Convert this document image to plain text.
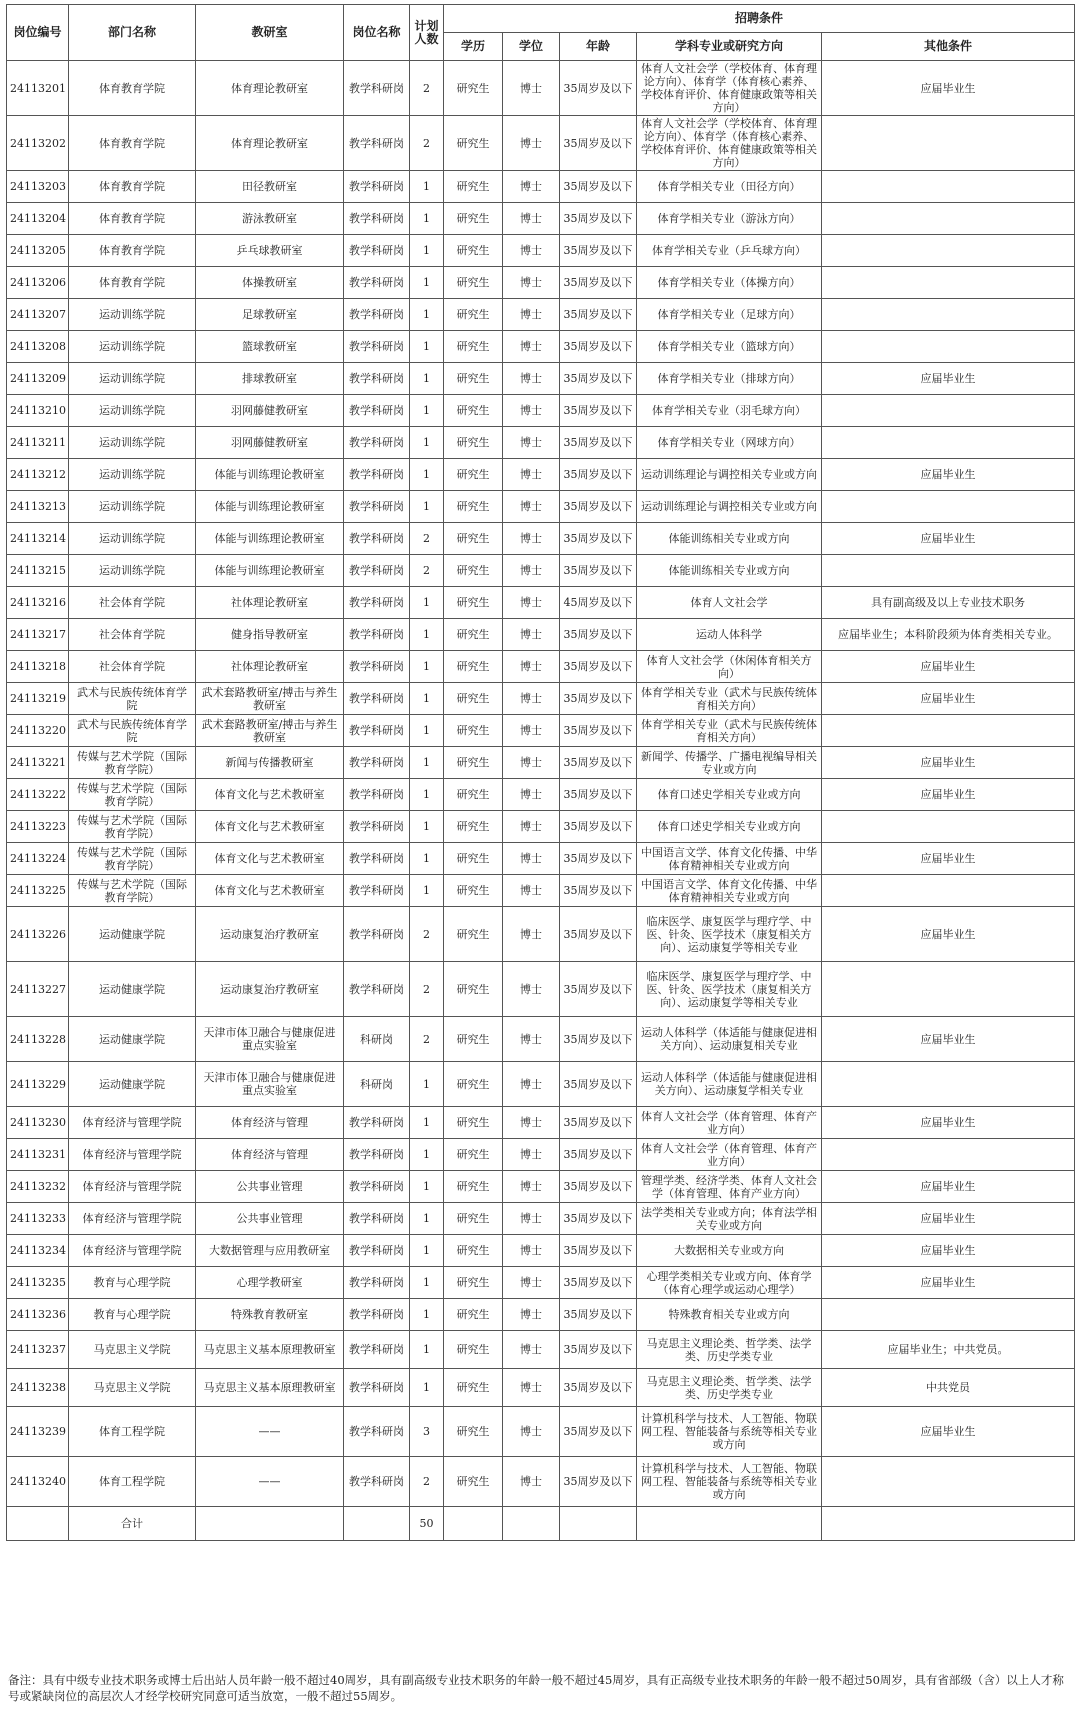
岗位编号	部门名称	教研室	岗位名称	计划人数	招聘条件				
					学历	学位	年龄	学科专业或研究方向	其他条件
24113201	体育教育学院	体育理论教研室	教学科研岗	2	研究生	博士	35周岁及以下	体育人文社会学（学校体育、体育理论方向）、体育学（体育核心素养、学校体育评价、体育健康政策等相关方向）	应届毕业生
24113202	体育教育学院	体育理论教研室	教学科研岗	2	研究生	博士	35周岁及以下	体育人文社会学（学校体育、体育理论方向）、体育学（体育核心素养、学校体育评价、体育健康政策等相关方向）	
24113203	体育教育学院	田径教研室	教学科研岗	1	研究生	博士	35周岁及以下	体育学相关专业（田径方向）	
24113204	体育教育学院	游泳教研室	教学科研岗	1	研究生	博士	35周岁及以下	体育学相关专业（游泳方向）	
24113205	体育教育学院	乒乓球教研室	教学科研岗	1	研究生	博士	35周岁及以下	体育学相关专业（乒乓球方向）	
24113206	体育教育学院	体操教研室	教学科研岗	1	研究生	博士	35周岁及以下	体育学相关专业（体操方向）	
24113207	运动训练学院	足球教研室	教学科研岗	1	研究生	博士	35周岁及以下	体育学相关专业（足球方向）	
24113208	运动训练学院	篮球教研室	教学科研岗	1	研究生	博士	35周岁及以下	体育学相关专业（篮球方向）	
24113209	运动训练学院	排球教研室	教学科研岗	1	研究生	博士	35周岁及以下	体育学相关专业（排球方向）	应届毕业生
24113210	运动训练学院	羽网藤健教研室	教学科研岗	1	研究生	博士	35周岁及以下	体育学相关专业（羽毛球方向）	
24113211	运动训练学院	羽网藤健教研室	教学科研岗	1	研究生	博士	35周岁及以下	体育学相关专业（网球方向）	
24113212	运动训练学院	体能与训练理论教研室	教学科研岗	1	研究生	博士	35周岁及以下	运动训练理论与调控相关专业或方向	应届毕业生
24113213	运动训练学院	体能与训练理论教研室	教学科研岗	1	研究生	博士	35周岁及以下	运动训练理论与调控相关专业或方向	
24113214	运动训练学院	体能与训练理论教研室	教学科研岗	2	研究生	博士	35周岁及以下	体能训练相关专业或方向	应届毕业生
24113215	运动训练学院	体能与训练理论教研室	教学科研岗	2	研究生	博士	35周岁及以下	体能训练相关专业或方向	
24113216	社会体育学院	社体理论教研室	教学科研岗	1	研究生	博士	45周岁及以下	体育人文社会学	具有副高级及以上专业技术职务
24113217	社会体育学院	健身指导教研室	教学科研岗	1	研究生	博士	35周岁及以下	运动人体科学	应届毕业生；本科阶段须为体育类相关专业。
24113218	社会体育学院	社体理论教研室	教学科研岗	1	研究生	博士	35周岁及以下	体育人文社会学（休闲体育相关方向）	应届毕业生
24113219	武术与民族传统体育学院	武术套路教研室/搏击与养生教研室	教学科研岗	1	研究生	博士	35周岁及以下	体育学相关专业（武术与民族传统体育相关方向）	应届毕业生
24113220	武术与民族传统体育学院	武术套路教研室/搏击与养生教研室	教学科研岗	1	研究生	博士	35周岁及以下	体育学相关专业（武术与民族传统体育相关方向）	
24113221	传媒与艺术学院（国际教育学院）	新闻与传播教研室	教学科研岗	1	研究生	博士	35周岁及以下	新闻学、传播学、广播电视编导相关专业或方向	应届毕业生
24113222	传媒与艺术学院（国际教育学院）	体育文化与艺术教研室	教学科研岗	1	研究生	博士	35周岁及以下	体育口述史学相关专业或方向	应届毕业生
24113223	传媒与艺术学院（国际教育学院）	体育文化与艺术教研室	教学科研岗	1	研究生	博士	35周岁及以下	体育口述史学相关专业或方向	
24113224	传媒与艺术学院（国际教育学院）	体育文化与艺术教研室	教学科研岗	1	研究生	博士	35周岁及以下	中国语言文学、体育文化传播、中华体育精神相关专业或方向	应届毕业生
24113225	传媒与艺术学院（国际教育学院）	体育文化与艺术教研室	教学科研岗	1	研究生	博士	35周岁及以下	中国语言文学、体育文化传播、中华体育精神相关专业或方向	
24113226	运动健康学院	运动康复治疗教研室	教学科研岗	2	研究生	博士	35周岁及以下	临床医学、康复医学与理疗学、中医、针灸、医学技术（康复相关方向）、运动康复学等相关专业	应届毕业生
24113227	运动健康学院	运动康复治疗教研室	教学科研岗	2	研究生	博士	35周岁及以下	临床医学、康复医学与理疗学、中医、针灸、医学技术（康复相关方向）、运动康复学等相关专业	
24113228	运动健康学院	天津市体卫融合与健康促进重点实验室	科研岗	2	研究生	博士	35周岁及以下	运动人体科学（体适能与健康促进相关方向）、运动康复相关专业	应届毕业生
24113229	运动健康学院	天津市体卫融合与健康促进重点实验室	科研岗	1	研究生	博士	35周岁及以下	运动人体科学（体适能与健康促进相关方向）、运动康复学相关专业	
24113230	体育经济与管理学院	体育经济与管理	教学科研岗	1	研究生	博士	35周岁及以下	体育人文社会学（体育管理、体育产业方向）	应届毕业生
24113231	体育经济与管理学院	体育经济与管理	教学科研岗	1	研究生	博士	35周岁及以下	体育人文社会学（体育管理、体育产业方向）	
24113232	体育经济与管理学院	公共事业管理	教学科研岗	1	研究生	博士	35周岁及以下	管理学类、经济学类、体育人文社会学（体育管理、体育产业方向）	应届毕业生
24113233	体育经济与管理学院	公共事业管理	教学科研岗	1	研究生	博士	35周岁及以下	法学类相关专业或方向；体育法学相关专业或方向	应届毕业生
24113234	体育经济与管理学院	大数据管理与应用教研室	教学科研岗	1	研究生	博士	35周岁及以下	大数据相关专业或方向	应届毕业生
24113235	教育与心理学院	心理学教研室	教学科研岗	1	研究生	博士	35周岁及以下	心理学类相关专业或方向、体育学（体育心理学或运动心理学）	应届毕业生
24113236	教育与心理学院	特殊教育教研室	教学科研岗	1	研究生	博士	35周岁及以下	特殊教育相关专业或方向	
24113237	马克思主义学院	马克思主义基本原理教研室	教学科研岗	1	研究生	博士	35周岁及以下	马克思主义理论类、哲学类、法学类、历史学类专业	应届毕业生；中共党员。
24113238	马克思主义学院	马克思主义基本原理教研室	教学科研岗	1	研究生	博士	35周岁及以下	马克思主义理论类、哲学类、法学类、历史学类专业	中共党员
24113239	体育工程学院	——	教学科研岗	3	研究生	博士	35周岁及以下	计算机科学与技术、人工智能、物联网工程、智能装备与系统等相关专业或方向	应届毕业生
24113240	体育工程学院	——	教学科研岗	2	研究生	博士	35周岁及以下	计算机科学与技术、人工智能、物联网工程、智能装备与系统等相关专业或方向	
	合计			50					
备注：具有中级专业技术职务或博士后出站人员年龄一般不超过40周岁，具有副高级专业技术职务的年龄一般不超过45周岁，具有正高级专业技术职务的年龄一般不超过50周岁，具有省部级（含）以上人才称号或紧缺岗位的高层次人才经学校研究同意可适当放宽，一般不超过55周岁。
